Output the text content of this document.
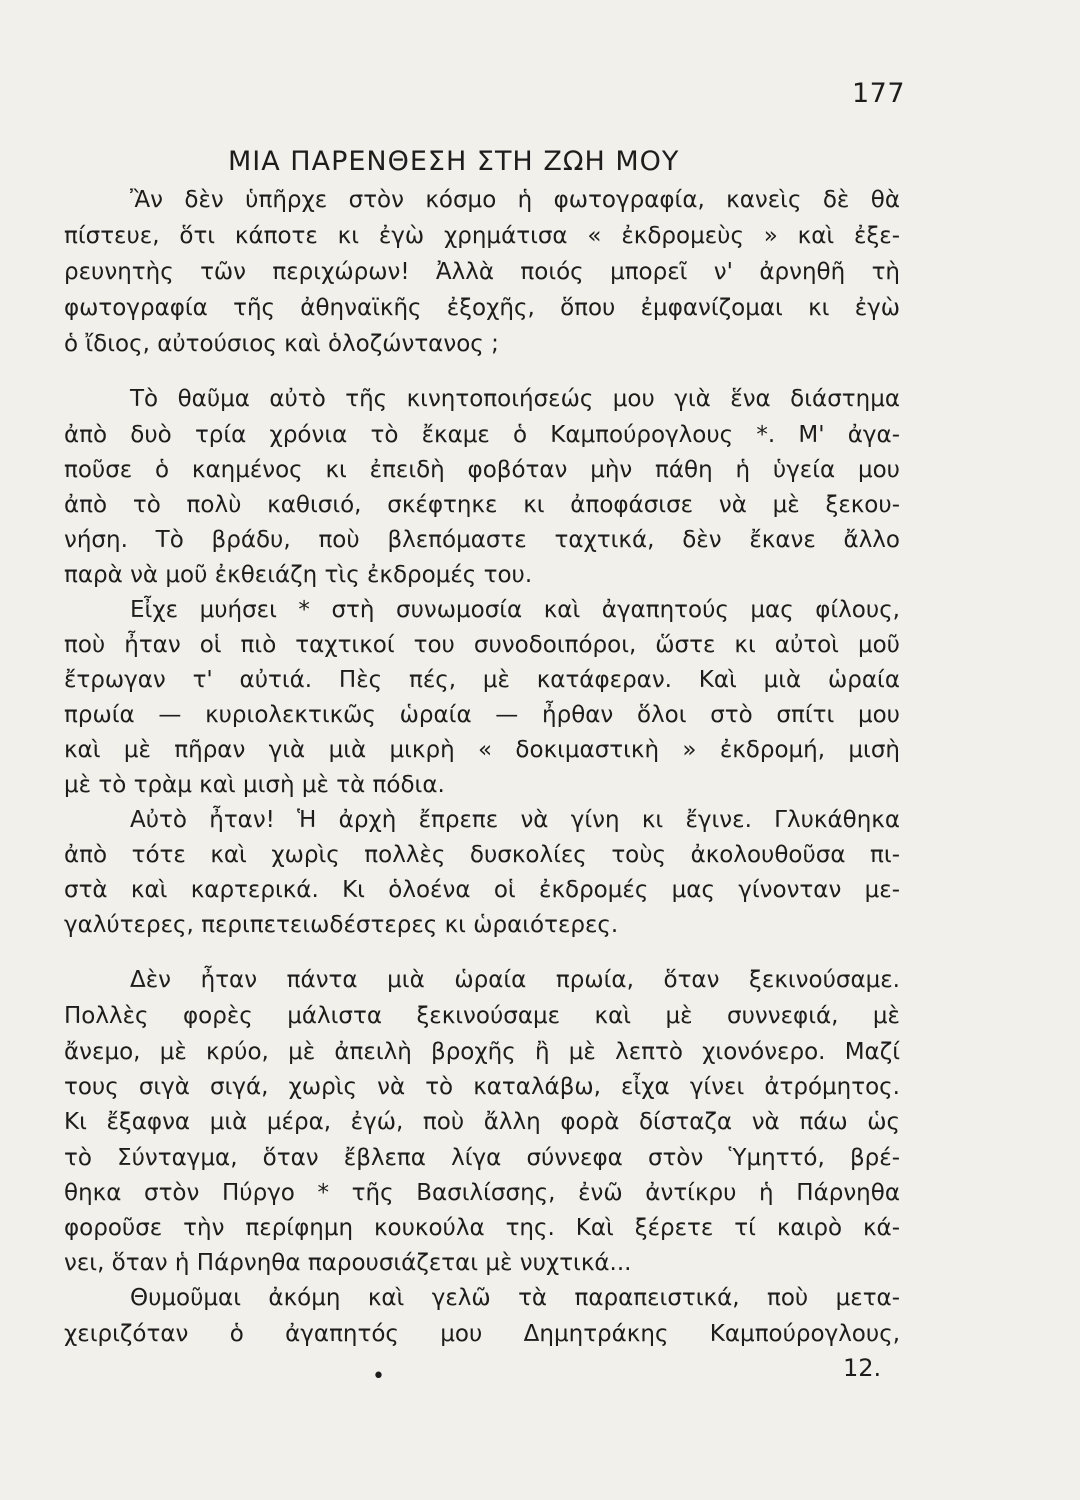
177
ΜΙΑ ΠΑΡΕΝΘΕΣΗ ΣΤΗ ΖΩΗ ΜΟΥ
Ἂν δὲν ὑπῆρχε στὸν κόσμο ἡ φωτογραφία, κανεὶς δὲ θὰ
πίστευε, ὅτι κάποτε κι ἐγὼ χρημάτισα « ἐκδρομεὺς » καὶ ἐξε-
ρευνητὴς τῶν περιχώρων! Ἀλλὰ ποιός μπορεῖ ν' ἀρνηθῆ τὴ
φωτογραφία τῆς ἀθηναϊκῆς ἐξοχῆς, ὅπου ἐμφανίζομαι κι ἐγὼ
ὁ ἴδιος, αὐτούσιος καὶ ὁλοζώντανος ;
Τὸ θαῦμα αὐτὸ τῆς κινητοποιήσεώς μου γιὰ ἕνα διάστημα
ἀπὸ δυὸ τρία χρόνια τὸ ἔκαμε ὁ Καμπούρογλους *. Μ' ἀγα-
ποῦσε ὁ καημένος κι ἐπειδὴ φοβόταν μὴν πάθη ἡ ὑγεία μου
ἀπὸ τὸ πολὺ καθισιό, σκέφτηκε κι ἀποφάσισε νὰ μὲ ξεκου-
νήση. Τὸ βράδυ, ποὺ βλεπόμαστε ταχτικά, δὲν ἔκανε ἄλλο
παρὰ νὰ μοῦ ἐκθειάζη τὶς ἐκδρομές του.
Εἶχε μυήσει * στὴ συνωμοσία καὶ ἀγαπητούς μας φίλους,
ποὺ ἦταν οἱ πιὸ ταχτικοί του συνοδοιπόροι, ὥστε κι αὐτοὶ μοῦ
ἔτρωγαν τ' αὐτιά. Πὲς πές, μὲ κατάφεραν. Καὶ μιὰ ὡραία
πρωία — κυριολεκτικῶς ὡραία — ἦρθαν ὅλοι στὸ σπίτι μου
καὶ μὲ πῆραν γιὰ μιὰ μικρὴ « δοκιμαστικὴ » ἐκδρομή, μισὴ
μὲ τὸ τρὰμ καὶ μισὴ μὲ τὰ πόδια.
Αὐτὸ ἦταν! Ἡ ἀρχὴ ἔπρεπε νὰ γίνη κι ἔγινε. Γλυκάθηκα
ἀπὸ τότε καὶ χωρὶς πολλὲς δυσκολίες τοὺς ἀκολουθοῦσα πι-
στὰ καὶ καρτερικά. Κι ὁλοένα οἱ ἐκδρομές μας γίνονταν με-
γαλύτερες, περιπετειωδέστερες κι ὡραιότερες.
Δὲν ἦταν πάντα μιὰ ὡραία πρωία, ὅταν ξεκινούσαμε.
Πολλὲς φορὲς μάλιστα ξεκινούσαμε καὶ μὲ συννεφιά, μὲ
ἄνεμο, μὲ κρύο, μὲ ἀπειλὴ βροχῆς ἢ μὲ λεπτὸ χιονόνερο. Μαζί
τους σιγὰ σιγά, χωρὶς νὰ τὸ καταλάβω, εἶχα γίνει ἀτρόμητος.
Κι ἔξαφνα μιὰ μέρα, ἐγώ, ποὺ ἄλλη φορὰ δίσταζα νὰ πάω ὡς
τὸ Σύνταγμα, ὅταν ἔβλεπα λίγα σύννεφα στὸν Ὑμηττό, βρέ-
θηκα στὸν Πύργο * τῆς Βασιλίσσης, ἐνῶ ἀντίκρυ ἡ Πάρνηθα
φοροῦσε τὴν περίφημη κουκούλα της. Καὶ ξέρετε τί καιρὸ κά-
νει, ὅταν ἡ Πάρνηθα παρουσιάζεται μὲ νυχτικά...
Θυμοῦμαι ἀκόμη καὶ γελῶ τὰ παραπειστικά, ποὺ μετα-
χειριζόταν ὁ ἀγαπητός μου Δημητράκης Καμπούρογλους,
•	12.
